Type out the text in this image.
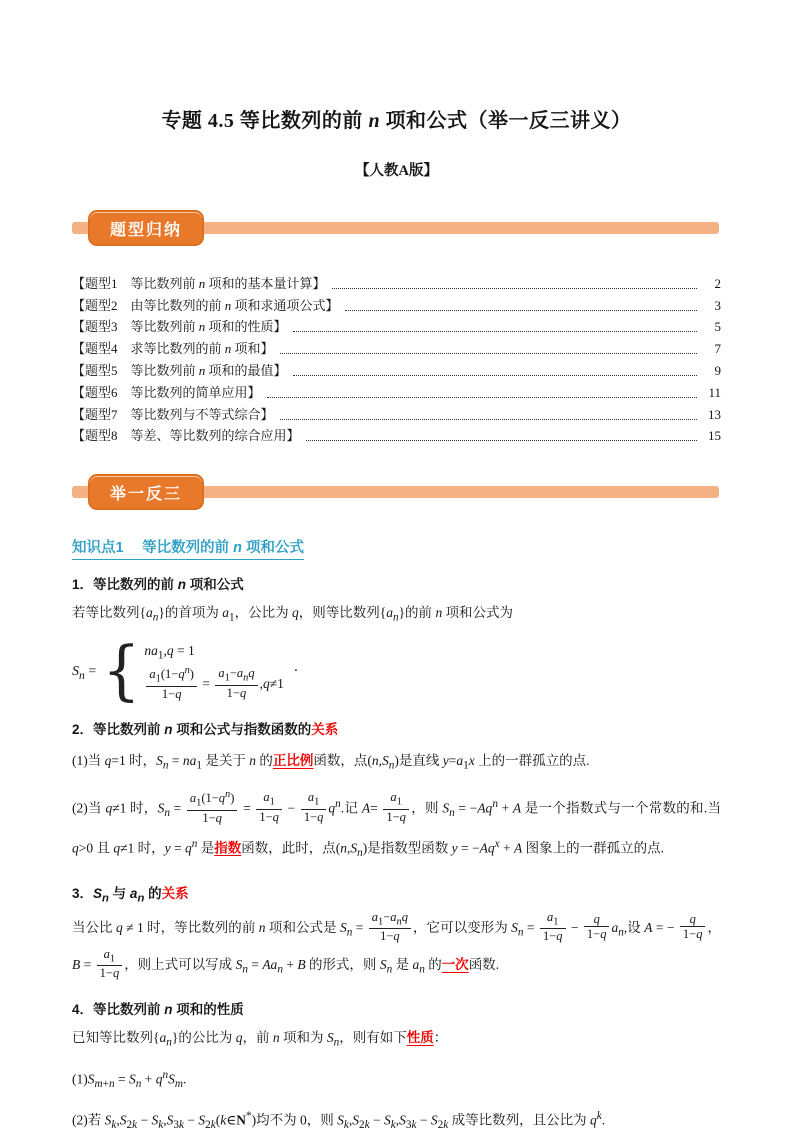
专题 4.5 等比数列的前 n 项和公式（举一反三讲义）
【人教A版】
题型归纳
【题型1　等比数列前 n 项和的基本量计算】	2
【题型2　由等比数列的前 n 项和求通项公式】	3
【题型3　等比数列前 n 项和的性质】	5
【题型4　求等比数列的前 n 项和】	7
【题型5　等比数列前 n 项和的最值】	9
【题型6　等比数列的简单应用】	11
【题型7　等比数列与不等式综合】	13
【题型8　等差、等比数列的综合应用】	15
举一反三
知识点1　 等比数列的前 n 项和公式
1．等比数列的前 n 项和公式
若等比数列$\{a_n\}$的首项为 $a_1$，公比为 q，则等比数列$\{a_n\}$的前 n 项和公式为
$S_n$ = { $na_1,q = 1$
$\frac{a_1(1-q^n)}{1-q}$ =
$a_1-a_nq$
1−q
,q≠1
．
2．等比数列前 n 项和公式与指数函数的关系
(1)当 q=1 时，$S_n = na_1$ 是关于 n 的正比例函数，点$(n,S_n)$是直线 $y=a_1x$ 上的一群孤立的点.
(2)当 q≠1 时，$S_n = \frac{a_1(1-q^n)}{1-q} = \frac{a_1}{1-q} - \frac{a_1}{1-q} q^n$.记 $A= \frac{a_1}{1-q}$ ，则 $S_n = -Aq^n + A$ 是一个指数式与一个常数的和.当 q>0 且 q≠1 时，$y = q^n$ 是指数函数，此时，点$(n,S_n)$是指数型函数 $y = -Aq^x + A$ 图象上的一群孤立的点.
3．$S_n$ 与 $a_n$ 的关系
当公比 q ≠ 1 时，等比数列的前 n 项和公式是 $S_n$ =
$a_1-a_nq$
1−q
，它可以变形为 $S_n = \frac{a_1}{1-q} - \frac{q}{1-q} a_n$,设 A = − $\frac{q}{1-q}$ ，$B = \frac{a_1}{1-q}$ ，则上式可以写成 $S_n = Aa_n + B$ 的形式，则 $S_n$ 是 $a_n$ 的一次函数.
4．等比数列前 n 项和的性质
已知等比数列$\{a_n\}$的公比为 q，前 n 项和为 $S_n$，则有如下性质：
$(1)S_{m+n} = S_n + q^nS_m$.
(2)若 $S_k,S_{2k} - S_k,S_{3k}$ − $S_{2k}(k\in N^*)$均不为 0，则 $S_k,S_{2k} - S_k,S_{3k} - S_{2k}$ 成等比数列，且公比为 $q^k$.
